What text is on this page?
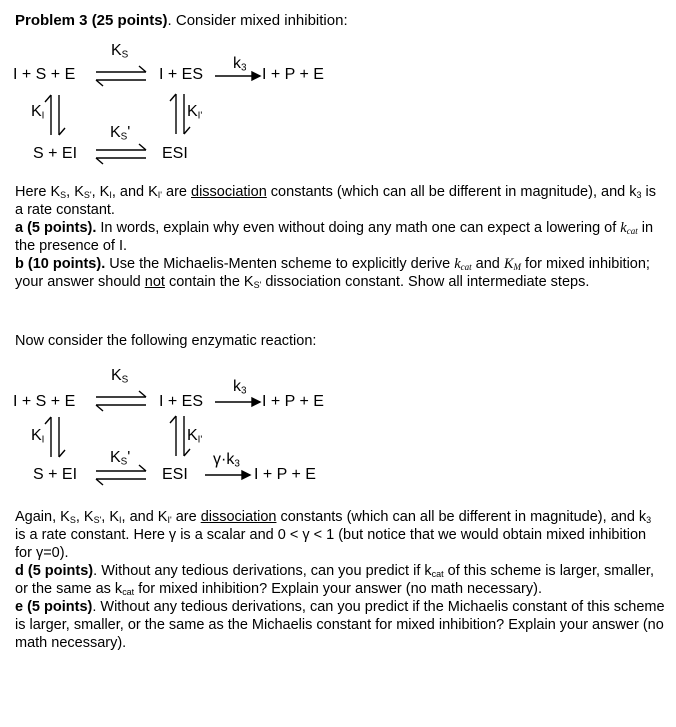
Problem 3 (25 points). Consider mixed inhibition:
I + S + E	I + ES	I + P + E
S + EI	ESI
$K_S$
$k_3$
$K_I$	$K_{I'}$
$K_S'$

Here $K_S$, $K_{S'}$, $K_I$, and $K_{I'}$ are dissociation constants (which can all be different in magnitude), and $k_3$ is a rate constant.

a (5 points). In words, explain why even without doing any math one can expect a lowering of $k_{cat}$ in the presence of I.

b (10 points). Use the Michaelis-Menten scheme to explicitly derive $k_{cat}$ and $K_M$ for mixed inhibition; your answer should not contain the $K_{S'}$ dissociation constant. Show all intermediate steps.

Now consider the following enzymatic reaction:
I + S + E	I + ES	I + P + E
S + EI	ESI	I + P + E
$K_S$	$k_3$
$K_I$	$K_{I'}$
$K_S'$	$\gamma\cdot k_3$

Again, $K_S$, $K_{S'}$, $K_I$, and $K_{I'}$ are dissociation constants (which can all be different in magnitude), and $k_3$ is a rate constant. Here γ is a scalar and 0 < γ < 1 (but notice that we would obtain mixed inhibition for γ=0).

d (5 points). Without any tedious derivations, can you predict if $k_{cat}$ of this scheme is larger, smaller, or the same as $k_{cat}$ for mixed inhibition? Explain your answer (no math necessary).

e (5 points). Without any tedious derivations, can you predict if the Michaelis constant of this scheme is larger, smaller, or the same as the Michaelis constant for mixed inhibition? Explain your answer (no math necessary).
